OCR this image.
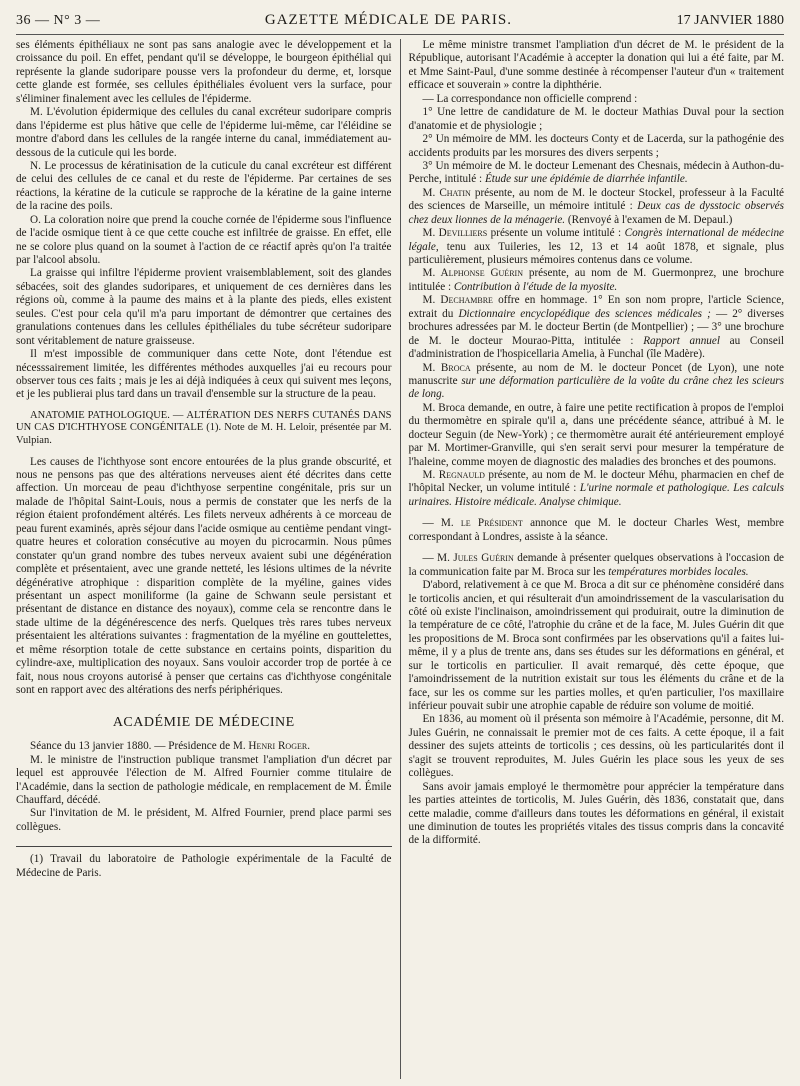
36 — N° 3 —	GAZETTE MÉDICALE DE PARIS.	17 JANVIER 1880

ses éléments épithéliaux ne sont pas sans analogie avec le développement et la croissance du poil. En effet, pendant qu'il se développe, le bourgeon épithélial qui représente la glande sudoripare pousse vers la profondeur du derme, et, lorsque cette glande est formée, ses cellules épithéliales évoluent vers la surface, pour s'éliminer finalement avec les cellules de l'épiderme.

M. L'évolution épidermique des cellules du canal excréteur sudoripare compris dans l'épiderme est plus hâtive que celle de l'épiderme lui-même, car l'éléidine se montre d'abord dans les cellules de la rangée interne du canal, immédiatement au-dessous de la cuticule qui les borde.

N. Le processus de kératinisation de la cuticule du canal excréteur est différent de celui des cellules de ce canal et du reste de l'épiderme. Par certaines de ses réactions, la kératine de la cuticule se rapproche de la kératine de la gaine interne de la racine des poils.

O. La coloration noire que prend la couche cornée de l'épiderme sous l'influence de l'acide osmique tient à ce que cette couche est infiltrée de graisse. En effet, elle ne se colore plus quand on la soumet à l'action de ce réactif après qu'on l'a traitée par l'alcool absolu.

La graisse qui infiltre l'épiderme provient vraisemblablement, soit des glandes sébacées, soit des glandes sudoripares, et uniquement de ces dernières dans les régions où, comme à la paume des mains et à la plante des pieds, elles existent seules. C'est pour cela qu'il m'a paru important de démontrer que certaines des granulations contenues dans les cellules épithéliales du tube sécréteur sudoripare sont véritablement de nature graisseuse.

Il m'est impossible de communiquer dans cette Note, dont l'étendue est nécesssairement limitée, les différentes méthodes auxquelles j'ai eu recours pour observer tous ces faits ; mais je les ai déjà indiquées à ceux qui suivent mes leçons, et je les publierai plus tard dans un travail d'ensemble sur la structure de la peau.

ANATOMIE PATHOLOGIQUE. — ALTÉRATION DES NERFS CUTANÉS DANS UN CAS D'ICHTHYOSE CONGÉNITALE (1). Note de M. H. Leloir, présentée par M. Vulpian.

Les causes de l'ichthyose sont encore entourées de la plus grande obscurité, et nous ne pensons pas que des altérations nerveuses aient été décrites dans cette affection. Un morceau de peau d'ichthyose serpentine congénitale, pris sur un malade de l'hôpital Saint-Louis, nous a permis de constater que les nerfs de la région étaient profondément altérés. Les filets nerveux adhérents à ce morceau de peau furent examinés, après séjour dans l'acide osmique au centième pendant vingt-quatre heures et coloration consécutive au moyen du picrocarmin. Nous pûmes constater qu'un grand nombre des tubes nerveux avaient subi une dégénération complète et présentaient, avec une grande netteté, les lésions ultimes de la névrite dégénérative atrophique : disparition complète de la myéline, gaines vides présentant un aspect moniliforme (la gaine de Schwann seule persistant et présentant de distance en distance des noyaux), comme cela se rencontre dans le stade ultime de la dégénérescence des nerfs. Quelques très rares tubes nerveux présentaient les altérations suivantes : fragmentation de la myéline en gouttelettes, et même résorption totale de cette substance en certains points, disparition du cylindre-axe, multiplication des noyaux. Sans vouloir accorder trop de portée à ce fait, nous nous croyons autorisé à penser que certains cas d'ichthyose congénitale sont en rapport avec des altérations des nerfs périphériques.

ACADÉMIE DE MÉDECINE

Séance du 13 janvier 1880. — Présidence de M. Henri Roger.

M. le ministre de l'instruction publique transmet l'ampliation d'un décret par lequel est approuvée l'élection de M. Alfred Fournier comme titulaire de l'Académie, dans la section de pathologie médicale, en remplacement de M. Émile Chauffard, décédé.

Sur l'invitation de M. le président, M. Alfred Fournier, prend place parmi ses collègues.

(1) Travail du laboratoire de Pathologie expérimentale de la Faculté de Médecine de Paris.

Le même ministre transmet l'ampliation d'un décret de M. le président de la République, autorisant l'Académie à accepter la donation qui lui a été faite, par M. et Mme Saint-Paul, d'une somme destinée à récompenser l'auteur d'un « traitement efficace et souverain » contre la diphthérie.

— La correspondance non officielle comprend :

1° Une lettre de candidature de M. le docteur Mathias Duval pour la section d'anatomie et de physiologie ;

2° Un mémoire de MM. les docteurs Conty et de Lacerda, sur la pathogénie des accidents produits par les morsures des divers serpents ;

3° Un mémoire de M. le docteur Lemenant des Chesnais, médecin à Authon-du-Perche, intitulé : Étude sur une épidémie de diarrhée infantile.

M. Chatin présente, au nom de M. le docteur Stockel, professeur à la Faculté des sciences de Marseille, un mémoire intitulé : Deux cas de dysstocic observés chez deux lionnes de la ménagerie. (Renvoyé à l'examen de M. Depaul.)

M. Devilliers présente un volume intitulé : Congrès international de médecine légale, tenu aux Tuileries, les 12, 13 et 14 août 1878, et signale, plus particulièrement, plusieurs mémoires contenus dans ce volume.

M. Alphonse Guérin présente, au nom de M. Guermonprez, une brochure intitulée : Contribution à l'étude de la myosite.

M. Dechambre offre en hommage. 1° En son nom propre, l'article Science, extrait du Dictionnaire encyclopédique des sciences médicales ; — 2° diverses brochures adressées par M. le docteur Bertin (de Montpellier) ; — 3° une brochure de M. le docteur Mourao-Pitta, intitulée : Rapport annuel au Conseil d'administration de l'hospicellaria Amelia, à Funchal (île Madère).

M. Broca présente, au nom de M. le docteur Poncet (de Lyon), une note manuscrite sur une déformation particulière de la voûte du crâne chez les scieurs de long.

M. Broca demande, en outre, à faire une petite rectification à propos de l'emploi du thermomètre en spirale qu'il a, dans une précédente séance, attribué à M. le docteur Seguin (de New-York) ; ce thermomètre aurait été antérieurement employé par M. Mortimer-Granville, qui s'en serait servi pour mesurer la température de l'haleine, comme moyen de diagnostic des maladies des bronches et des poumons.

M. Regnauld présente, au nom de M. le docteur Méhu, pharmacien en chef de l'hôpital Necker, un volume intitulé : L'urine normale et pathologique. Les calculs urinaires. Histoire médicale. Analyse chimique.

— M. le Président annonce que M. le docteur Charles West, membre correspondant à Londres, assiste à la séance.

— M. Jules Guérin demande à présenter quelques observations à l'occasion de la communication faite par M. Broca sur les températures morbides locales.

D'abord, relativement à ce que M. Broca a dit sur ce phénomène considéré dans le torticolis ancien, et qui résulterait d'un amoindrissement de la vascularisation du côté où existe l'inclinaison, amoindrissement qui produirait, outre la diminution de la température de ce côté, l'atrophie du crâne et de la face, M. Jules Guérin dit que les propositions de M. Broca sont confirmées par les observations qu'il a faites lui-même, il y a plus de trente ans, dans ses études sur les déformations en général, et sur le torticolis en particulier. Il avait remarqué, dès cette époque, que l'amoindrissement de la nutrition existait sur tous les éléments du crâne et de la face, sur les os comme sur les parties molles, et qu'en particulier, l'os maxillaire inférieur pouvait subir une atrophie capable de réduire son volume de moitié.

En 1836, au moment où il présenta son mémoire à l'Académie, personne, dit M. Jules Guérin, ne connaissait le premier mot de ces faits. A cette époque, il a fait dessiner des sujets atteints de torticolis ; ces dessins, où les particularités dont il s'agit se trouvent reproduites, M. Jules Guérin les place sous les yeux de ses collègues.

Sans avoir jamais employé le thermomètre pour apprécier la température dans les parties atteintes de torticolis, M. Jules Guérin, dès 1836, constatait que, dans cette maladie, comme d'ailleurs dans toutes les déformations en général, il existait une diminution de toutes les propriétés vitales des tissus compris dans la concavité de la difformité.
